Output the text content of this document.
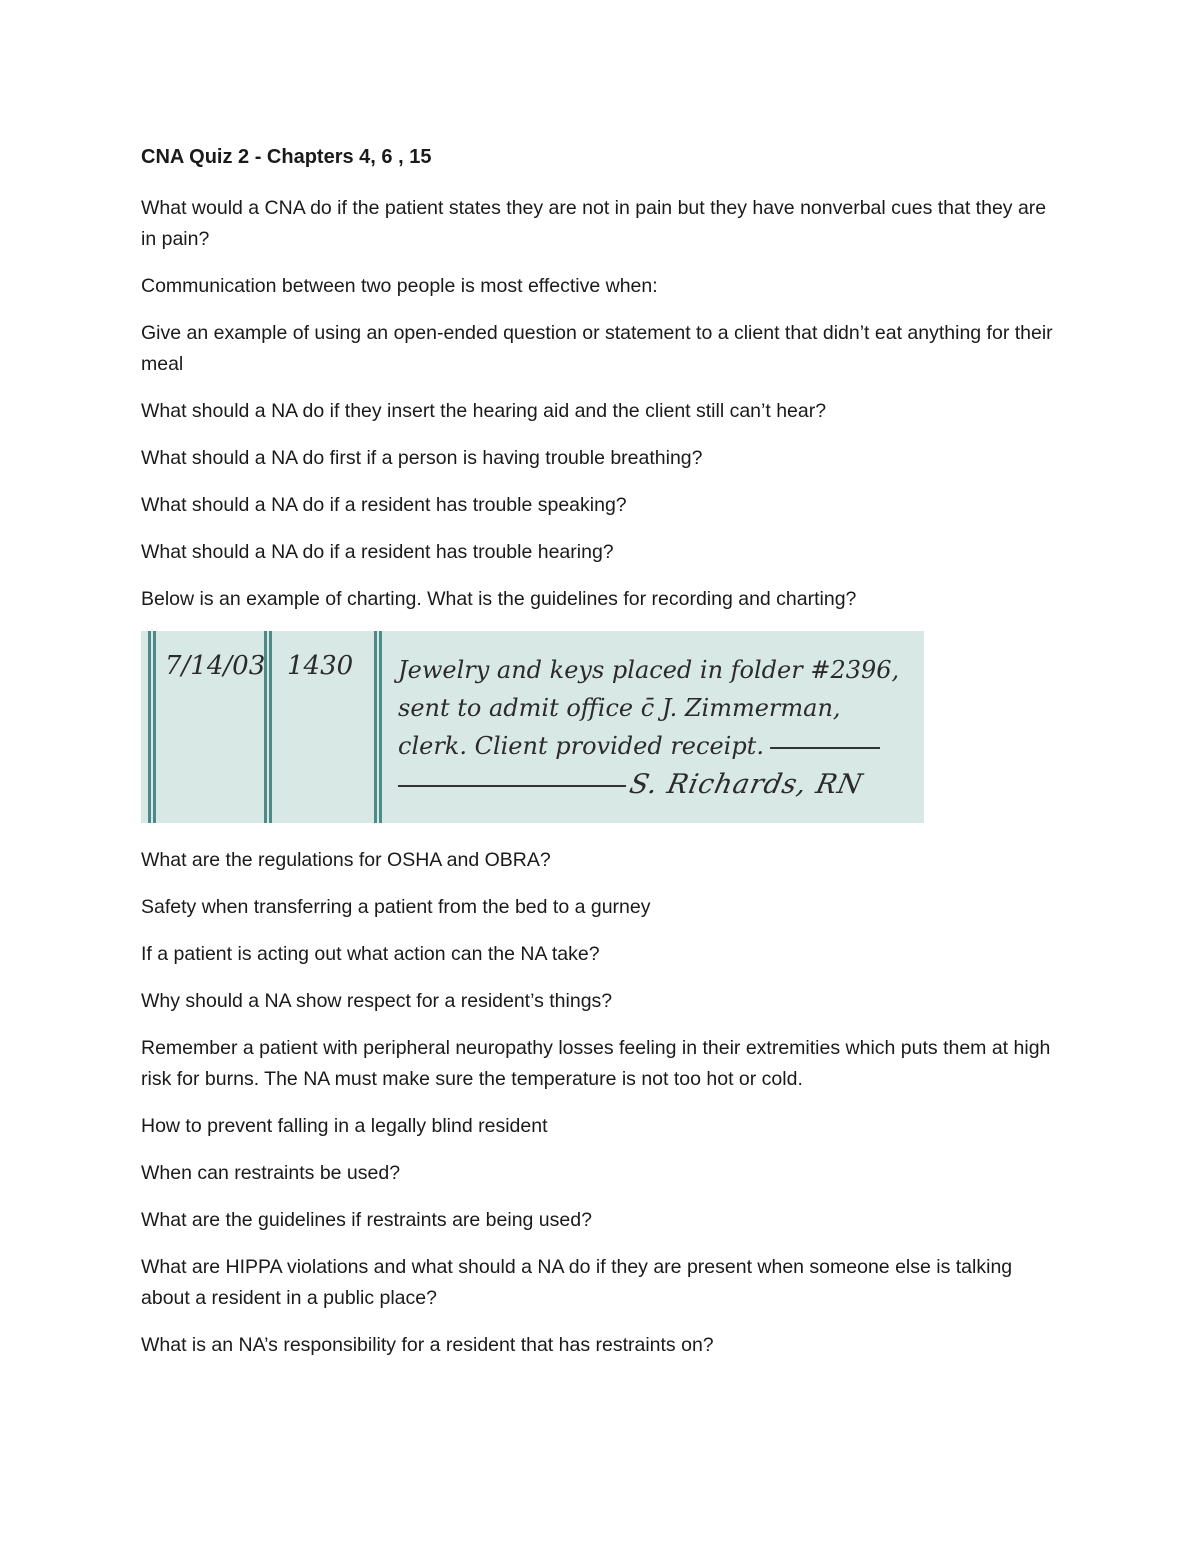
CNA Quiz 2 - Chapters 4, 6 , 15

What would a CNA do if the patient states they are not in pain but they have nonverbal cues that they are in pain?

Communication between two people is most effective when:

Give an example of using an open-ended question or statement to a client that didn’t eat anything for their meal

What should a NA do if they insert the hearing aid and the client still can’t hear?

What should a NA do first if a person is having trouble breathing?

What should a NA do if a resident has trouble speaking?

What should a NA do if a resident has trouble hearing?

Below is an example of charting. What is the guidelines for recording and charting?

7/14/03 1430 Jewelry and keys placed in folder #2396,
sent to admit office c̄ J. Zimmerman,
clerk. Client provided receipt.
S. Richards, RN

What are the regulations for OSHA and OBRA?

Safety when transferring a patient from the bed to a gurney

If a patient is acting out what action can the NA take?

Why should a NA show respect for a resident’s things?

Remember a patient with peripheral neuropathy losses feeling in their extremities which puts them at high risk for burns. The NA must make sure the temperature is not too hot or cold.

How to prevent falling in a legally blind resident

When can restraints be used?

What are the guidelines if restraints are being used?

What are HIPPA violations and what should a NA do if they are present when someone else is talking about a resident in a public place?

What is an NA’s responsibility for a resident that has restraints on?
